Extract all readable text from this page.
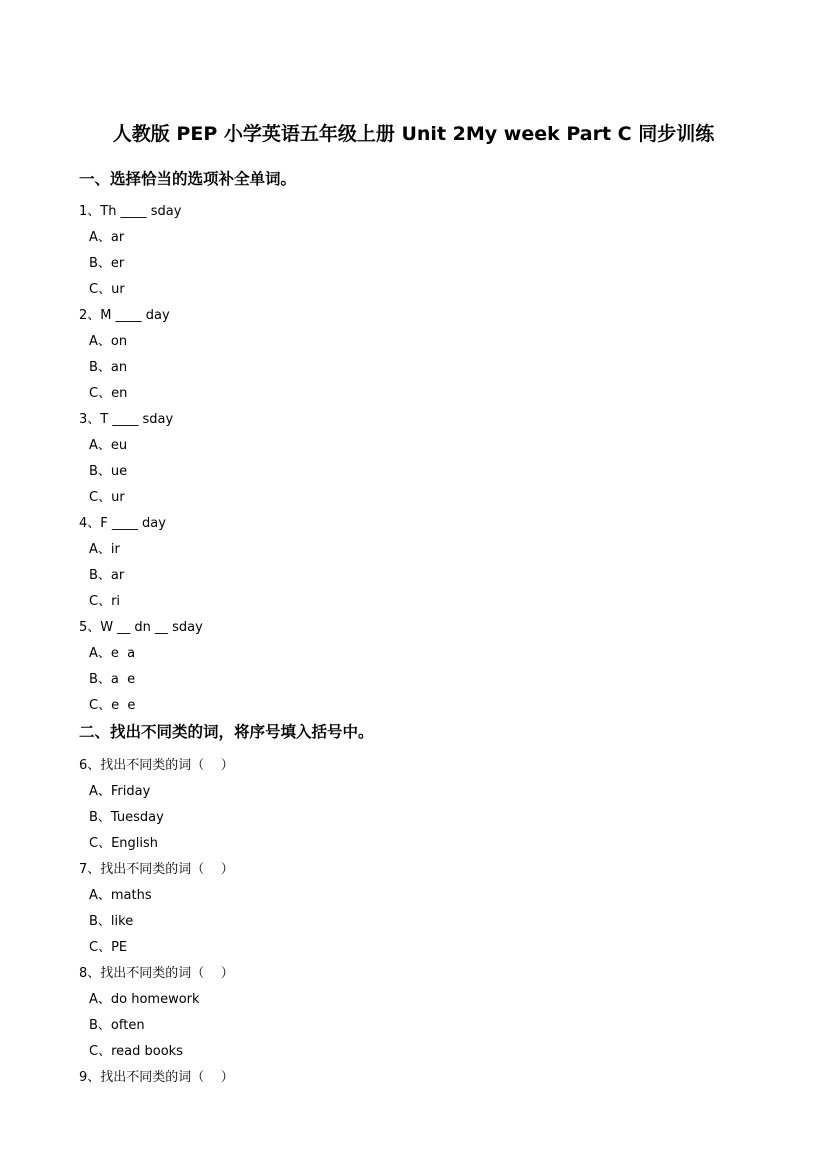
人教版 PEP 小学英语五年级上册 Unit 2My week Part C 同步训练
一、选择恰当的选项补全单词。
1、Th ____ sday
A、ar
B、er
C、ur
2、M ____ day
A、on
B、an
C、en
3、T ____ sday
A、eu
B、ue
C、ur
4、F ____ day
A、ir
B、ar
C、ri
5、W __ dn __ sday
A、e  a
B、a  e
C、e  e
二、找出不同类的词，将序号填入括号中。
6、找出不同类的词（    ）
A、Friday
B、Tuesday
C、English
7、找出不同类的词（    ）
A、maths
B、like
C、PE
8、找出不同类的词（    ）
A、do homework
B、often
C、read books
9、找出不同类的词（    ）
